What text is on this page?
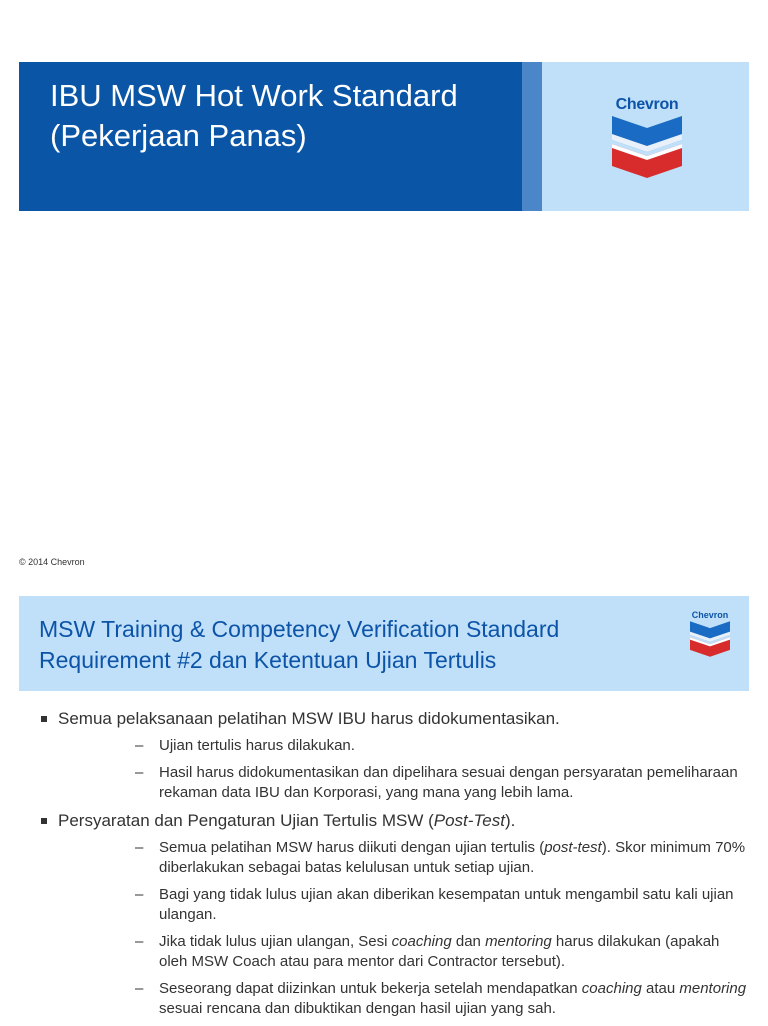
IBU MSW Hot Work Standard
(Pekerjaan Panas)
Chevron
© 2014 Chevron
MSW Training & Competency Verification Standard
Requirement #2 dan Ketentuan Ujian Tertulis
Chevron
Semua pelaksanaan pelatihan MSW IBU harus didokumentasikan.
– Ujian tertulis harus dilakukan.
– Hasil harus didokumentasikan dan dipelihara sesuai dengan persyaratan pemeliharaan rekaman data IBU dan Korporasi, yang mana yang lebih lama.
Persyaratan dan Pengaturan Ujian Tertulis MSW (Post-Test).
– Semua pelatihan MSW harus diikuti dengan ujian tertulis (post-test). Skor minimum 70% diberlakukan sebagai batas kelulusan untuk setiap ujian.
– Bagi yang tidak lulus ujian akan diberikan kesempatan untuk mengambil satu kali ujian ulangan.
– Jika tidak lulus ujian ulangan, Sesi coaching dan mentoring harus dilakukan (apakah oleh MSW Coach atau para mentor dari Contractor tersebut).
– Seseorang dapat diizinkan untuk bekerja setelah mendapatkan coaching atau mentoring sesuai rencana dan dibuktikan dengan hasil ujian yang sah.
